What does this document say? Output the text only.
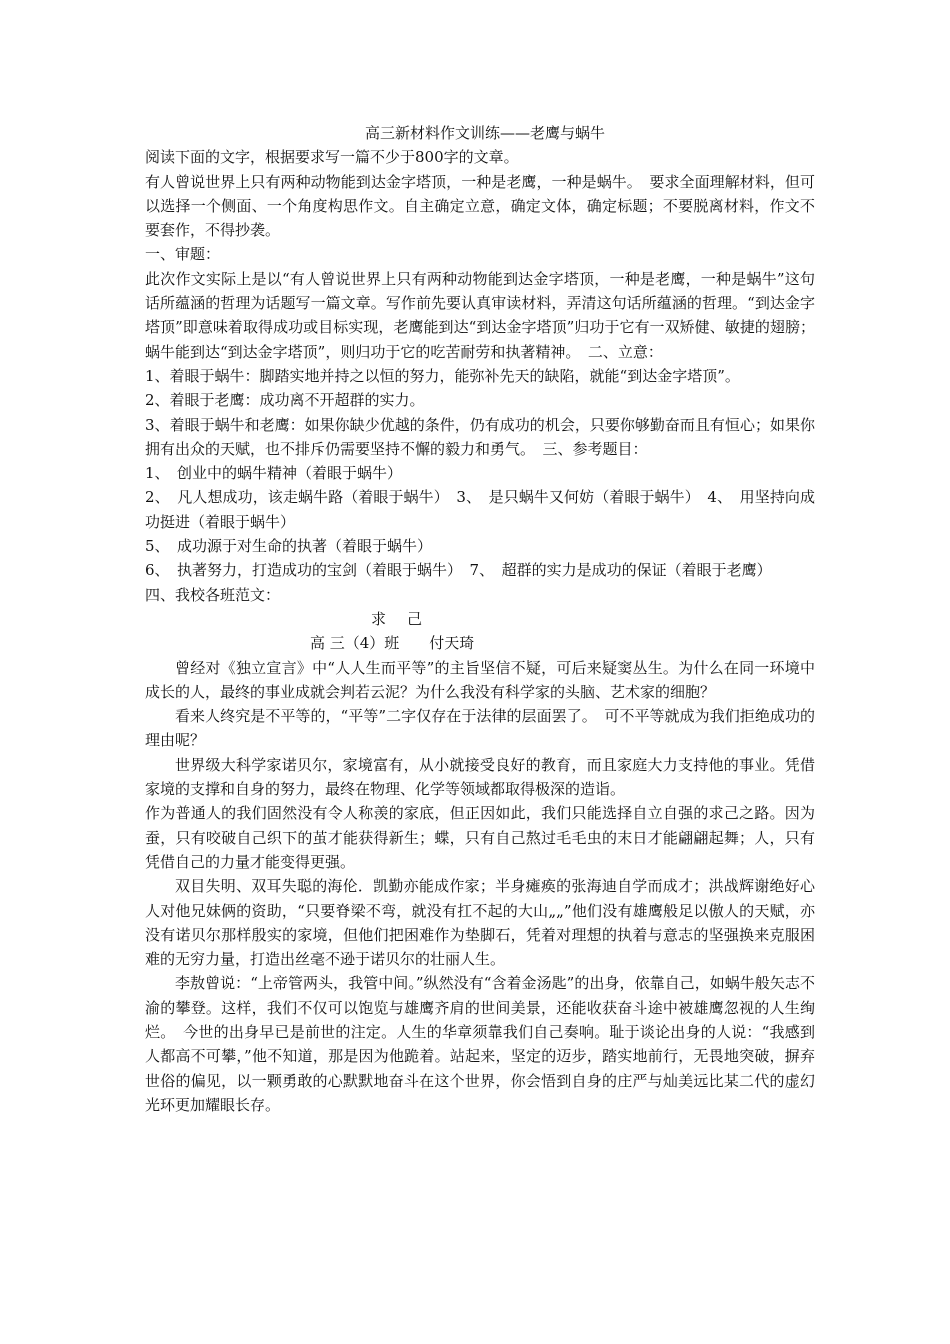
高三新材料作文训练——老鹰与蜗牛

阅读下面的文字，根据要求写一篇不少于800字的文章。

有人曾说世界上只有两种动物能到达金字塔顶，一种是老鹰，一种是蜗牛。　要求全面理解材料，但可以选择一个侧面、一个角度构思作文。自主确定立意，确定文体，确定标题；不要脱离材料，作文不要套作，不得抄袭。

一、审题：

此次作文实际上是以“有人曾说世界上只有两种动物能到达金字塔顶，一种是老鹰，一种是蜗牛”这句话所蕴涵的哲理为话题写一篇文章。写作前先要认真审读材料，弄清这句话所蕴涵的哲理。“到达金字塔顶”即意味着取得成功或目标实现，老鹰能到达“到达金字塔顶”归功于它有一双矫健、敏捷的翅膀；蜗牛能到达“到达金字塔顶”，则归功于它的吃苦耐劳和执著精神。　二、立意：

1、着眼于蜗牛：脚踏实地并持之以恒的努力，能弥补先天的缺陷，就能“到达金字塔顶”。

2、着眼于老鹰：成功离不开超群的实力。

3、着眼于蜗牛和老鹰：如果你缺少优越的条件，仍有成功的机会，只要你够勤奋而且有恒心；如果你拥有出众的天赋，也不排斥仍需要坚持不懈的毅力和勇气。　三、参考题目：

1、　创业中的蜗牛精神（着眼于蜗牛）

2、　凡人想成功，该走蜗牛路（着眼于蜗牛）　3、　是只蜗牛又何妨（着眼于蜗牛）　4、　用坚持向成功挺进（着眼于蜗牛）

5、　成功源于对生命的执著（着眼于蜗牛）

6、　执著努力，打造成功的宝剑（着眼于蜗牛）　7、　超群的实力是成功的保证（着眼于老鹰）

四、我校各班范文：

求　己

高 三（4）班　　付天琦

曾经对《独立宣言》中“人人生而平等”的主旨坚信不疑，可后来疑窦丛生。为什么在同一环境中成长的人，最终的事业成就会判若云泥？为什么我没有科学家的头脑、艺术家的细胞？

看来人终究是不平等的，“平等”二字仅存在于法律的层面罢了。　可不平等就成为我们拒绝成功的理由呢？

世界级大科学家诺贝尔，家境富有，从小就接受良好的教育，而且家庭大力支持他的事业。凭借家境的支撑和自身的努力，最终在物理、化学等领域都取得极深的造诣。

作为普通人的我们固然没有令人称羡的家底，但正因如此，我们只能选择自立自强的求己之路。因为蚕，只有咬破自己织下的茧才能获得新生；蝶，只有自己熬过毛毛虫的末日才能翩翩起舞；人，只有凭借自己的力量才能变得更强。

双目失明、双耳失聪的海伦．凯勤亦能成作家；半身瘫痪的张海迪自学而成才；洪战辉谢绝好心人对他兄妹俩的资助，“只要脊梁不弯，就没有扛不起的大山„„”他们没有雄鹰般足以傲人的天赋，亦没有诺贝尔那样殷实的家境，但他们把困难作为垫脚石，凭着对理想的执着与意志的坚强换来克服困难的无穷力量，打造出丝毫不逊于诺贝尔的壮丽人生。

李敖曾说：“上帝管两头，我管中间。”纵然没有“含着金汤匙”的出身，依靠自己，如蜗牛般矢志不渝的攀登。这样，我们不仅可以饱览与雄鹰齐肩的世间美景，还能收获奋斗途中被雄鹰忽视的人生绚烂。　今世的出身早已是前世的注定。人生的华章须靠我们自己奏响。耻于谈论出身的人说：“我感到人都高不可攀，”他不知道，那是因为他跪着。站起来，坚定的迈步，踏实地前行，无畏地突破，摒弃世俗的偏见，以一颗勇敢的心默默地奋斗在这个世界，你会悟到自身的庄严与灿美远比某二代的虚幻光环更加耀眼长存。
